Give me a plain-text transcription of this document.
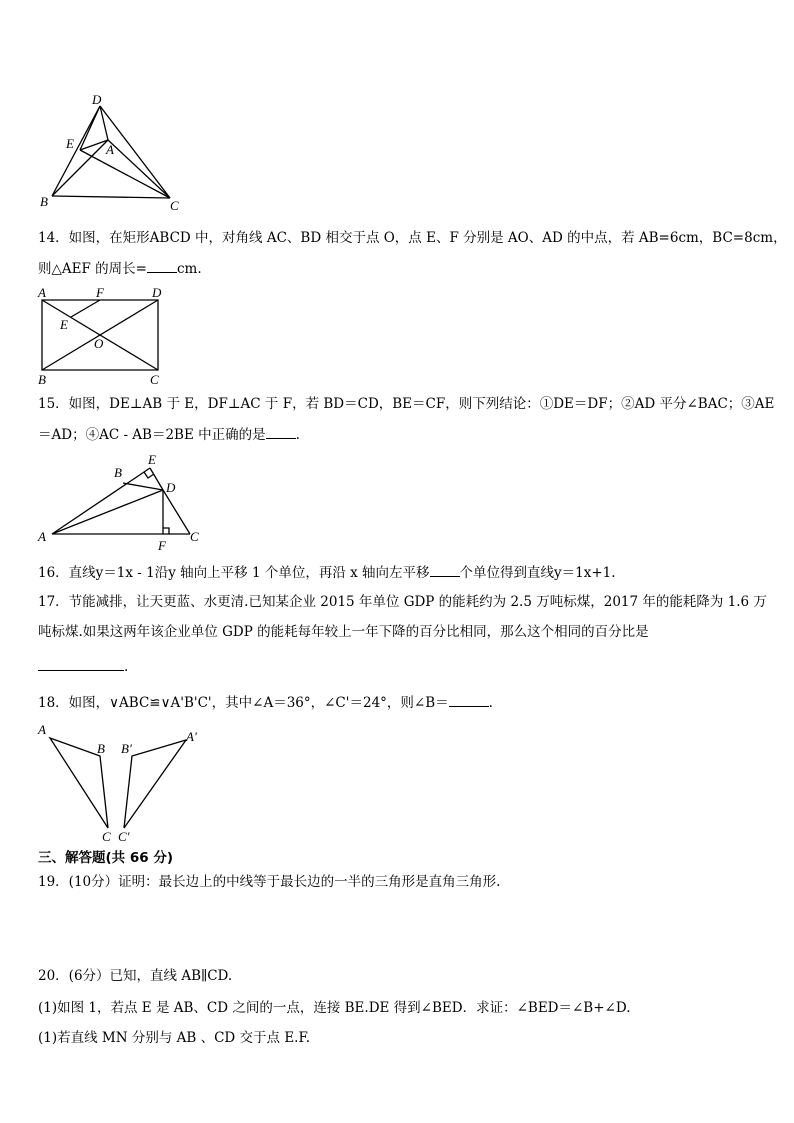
D
E A
B	C
14．如图，在矩形ABCD 中，对角线 AC、BD 相交于点 O，点 E、F 分别是 AO、AD 的中点，若 AB=6cm，BC=8cm，
则△AEF 的周长= cm.
A	F	D
E
O
B	C
15．如图，DE⊥AB 于 E，DF⊥AC 于 F，若 BD＝CD，BE＝CF，则下列结论：①DE＝DF；②AD 平分∠BAC；③AE
＝AD；④AC - AB＝2BE 中正确的是 .
B
E
D
A
F
C
16．直线y＝1x - 1沿y 轴向上平移 1 个单位，再沿 x 轴向左平移 个单位得到直线y＝1x+1.
17．节能减排，让天更蓝、水更清.已知某企业 2015 年单位 GDP 的能耗约为 2.5 万吨标煤，2017 年的能耗降为 1.6 万
吨标煤.如果这两年该企业单位 GDP 的能耗每年较上一年下降的百分比相同，那么这个相同的百分比是
.
18．如图，∨ABC≌∨A'B'C'，其中∠A＝36°，∠C'＝24°，则∠B＝	.
A
B
C
B'
A'
C'
三、解答题(共 66 分)
19．(10分）证明：最长边上的中线等于最长边的一半的三角形是直角三角形.
20．(6分）已知，直线 AB∥CD.
(1)如图 1，若点 E 是 AB、CD 之间的一点，连接 BE.DE 得到∠BED．求证：∠BED＝∠B+∠D.
(1)若直线 MN 分别与 AB 、CD 交于点 E.F.
